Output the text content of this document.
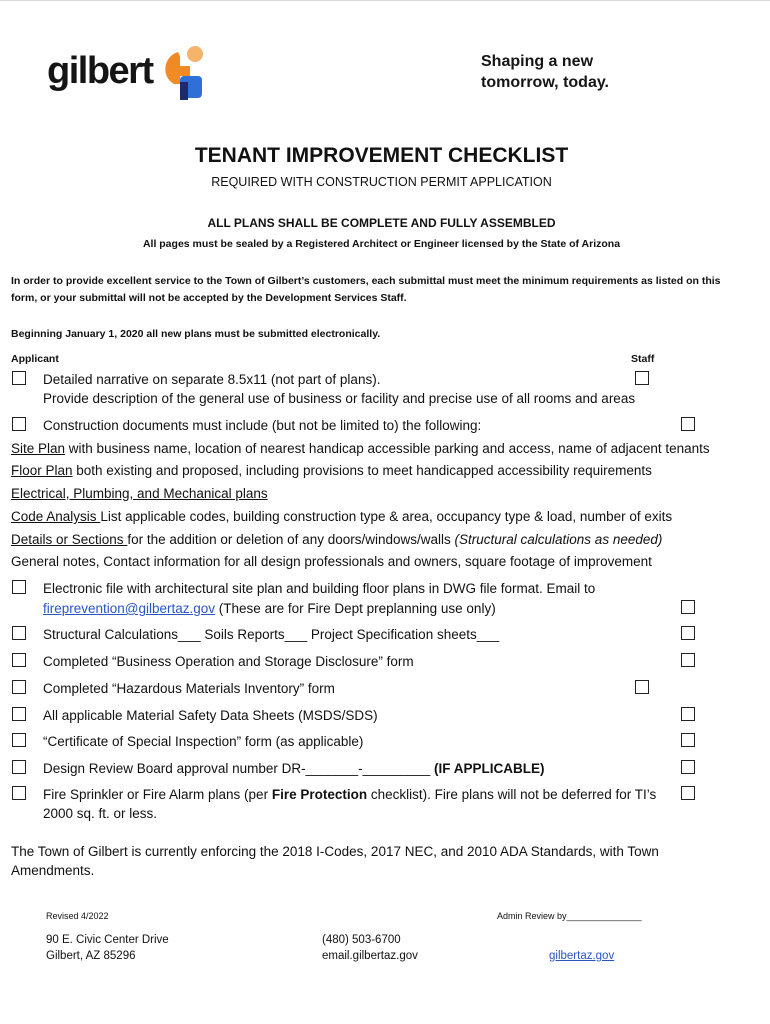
gilbert	Shaping a new
tomorrow, today.
TENANT IMPROVEMENT CHECKLIST
REQUIRED WITH CONSTRUCTION PERMIT APPLICATION
ALL PLANS SHALL BE COMPLETE AND FULLY ASSEMBLED
All pages must be sealed by a Registered Architect or Engineer licensed by the State of Arizona
In order to provide excellent service to the Town of Gilbert’s customers, each submittal must meet the minimum requirements as listed on this form, or your submittal will not be accepted by the Development Services Staff.
Beginning January 1, 2020 all new plans must be submitted electronically.
Applicant	Staff
Detailed narrative on separate 8.5x11 (not part of plans).
Provide description of the general use of business or facility and precise use of all rooms and areas
Construction documents must include (but not be limited to) the following:
Site Plan with business name, location of nearest handicap accessible parking and access, name of adjacent tenants
Floor Plan both existing and proposed, including provisions to meet handicapped accessibility requirements
Electrical, Plumbing, and Mechanical plans
Code Analysis List applicable codes, building construction type & area, occupancy type & load, number of exits
Details or Sections for the addition or deletion of any doors/windows/walls (Structural calculations as needed)
General notes, Contact information for all design professionals and owners, square footage of improvement
Electronic file with architectural site plan and building floor plans in DWG file format. Email to
fireprevention@gilbertaz.gov (These are for Fire Dept preplanning use only)
Structural Calculations___ Soils Reports___ Project Specification sheets___
Completed “Business Operation and Storage Disclosure” form
Completed “Hazardous Materials Inventory” form
All applicable Material Safety Data Sheets (MSDS/SDS)
“Certificate of Special Inspection” form (as applicable)
Design Review Board approval number DR-_______-_________ (IF APPLICABLE)
Fire Sprinkler or Fire Alarm plans (per Fire Protection checklist). Fire plans will not be deferred for TI’s
2000 sq. ft. or less.
The Town of Gilbert is currently enforcing the 2018 I-Codes, 2017 NEC, and 2010 ADA Standards, with Town
Amendments.
Revised 4/2022	Admin Review by_______________
90 E. Civic Center Drive
Gilbert, AZ 85296
(480) 503-6700
email.gilbertaz.gov	gilbertaz.gov
